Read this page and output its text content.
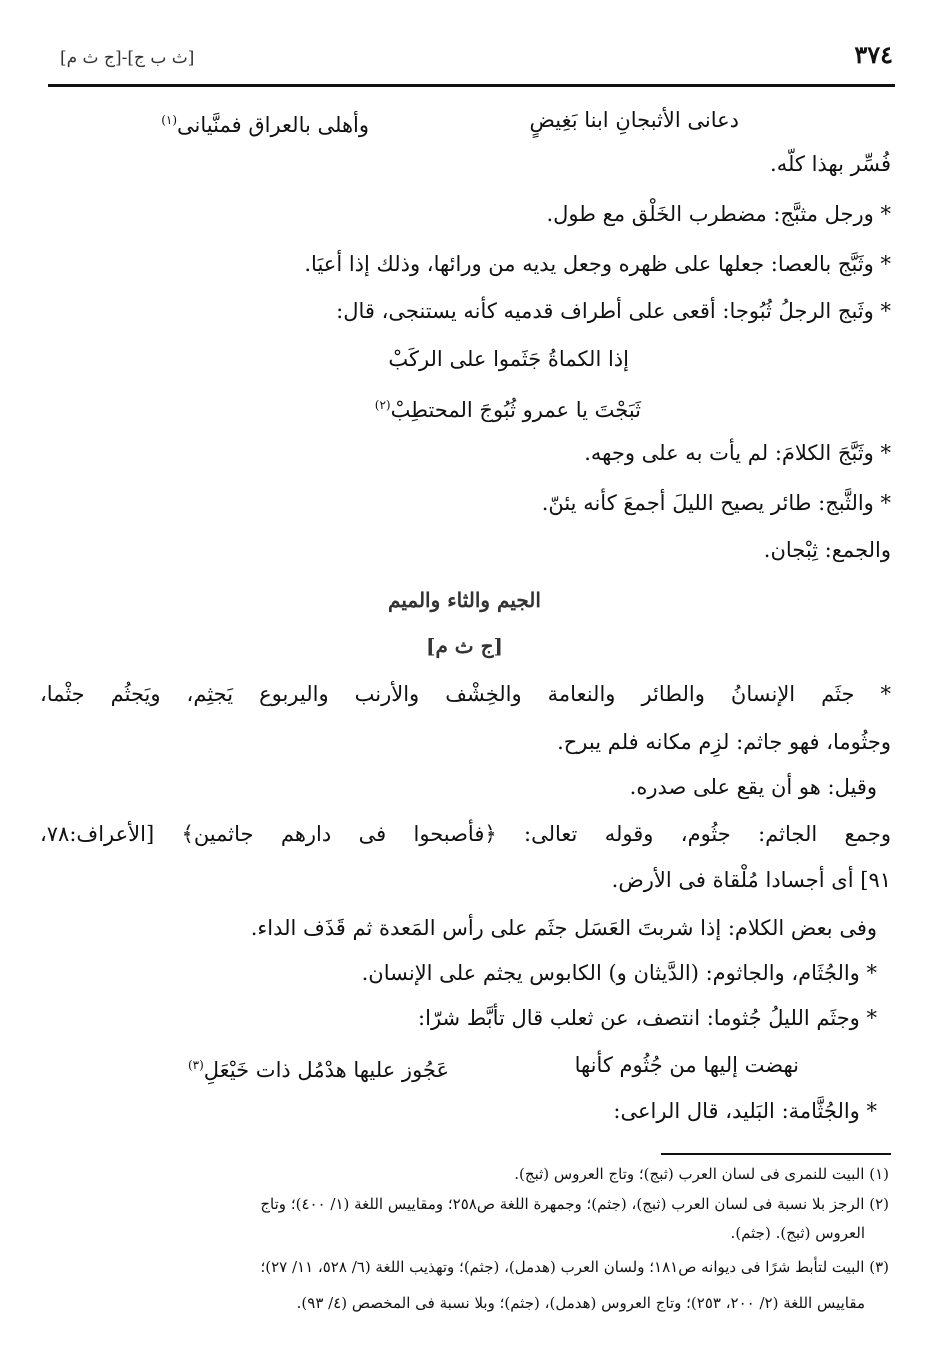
٣٧٤
[ث ب ج]-[ج ث م]
دعانى الأثبجانِ ابنا بَغِيضٍ
وأهلى بالعراق فمنَّيانى$^{(١)}$
فُسِّر بهذا كلّه.
* ورجل مثبَّج: مضطرب الخَلْق مع طول.
* وثَبَّج بالعصا: جعلها على ظهره وجعل يديه من ورائها، وذلك إذا أعيَا.
* وثَبج الرجلُ ثُبُوجا: أقعى على أطراف قدميه كأنه يستنجى، قال:
إذا الكماةُ جَثَموا على الركَبْ
ثَبَجْتَ يا عمرو ثُبُوجَ المحتطِبْ$^{(٢)}$
* وثَبَّجَ الكلامَ: لم يأت به على وجهه.
* والثَّبج: طائر يصيح الليلَ أجمعَ كأنه يئنّ.
والجمع: ثِبْجان.
الجيم والثاء والميم
[ج ث م]
* جثَم الإنسانُ والطائر والنعامة والخِشْف والأرنب واليربوع يَجثِم، ويَجثُم جثْما،
وجثُوما، فهو جاثم: لزِم مكانه فلم يبرح.
وقيل: هو أن يقع على صدره.
وجمع الجاثم: جثُوم، وقوله تعالى: ﴿فأصبحوا فى دارهم جاثمين﴾ [الأعراف:٧٨،
٩١] أى أجسادا مُلْقاة فى الأرض.
وفى بعض الكلام: إذا شربتَ العَسَل جثَم على رأس المَعدة ثم قَذَف الداء.
* والجُثَام، والجاثوم: (الدَّيثان و) الكابوس يجثم على الإنسان.
* وجثَم الليلُ جُثوما: انتصف، عن ثعلب قال تأبَّط شرّا:
نهضت إليها من جُثُوم كأنها
عَجُوز عليها هدْمُل ذات خَيْعَلِ$^{(٣)}$
* والجُثَّامة: البَليد، قال الراعى:
(١) البيت للنمرى فى لسان العرب (ثبج)؛ وتاج العروس (ثبج).
(٢) الرجز بلا نسبة فى لسان العرب (ثبج)، (جثم)؛ وجمهرة اللغة ص٢٥٨؛ ومقاييس اللغة (١/ ٤٠٠)؛ وتاج
العروس (ثبج). (جثم).
(٣) البيت لتأبط شرًا فى ديوانه ص١٨١؛ ولسان العرب (هدمل)، (جثم)؛ وتهذيب اللغة (٦/ ٥٢٨، ١١/ ٢٧)؛
مقاييس اللغة (٢/ ٢٠٠، ٢٥٣)؛ وتاج العروس (هدمل)، (جثم)؛ وبلا نسبة فى المخصص (٤/ ٩٣).
